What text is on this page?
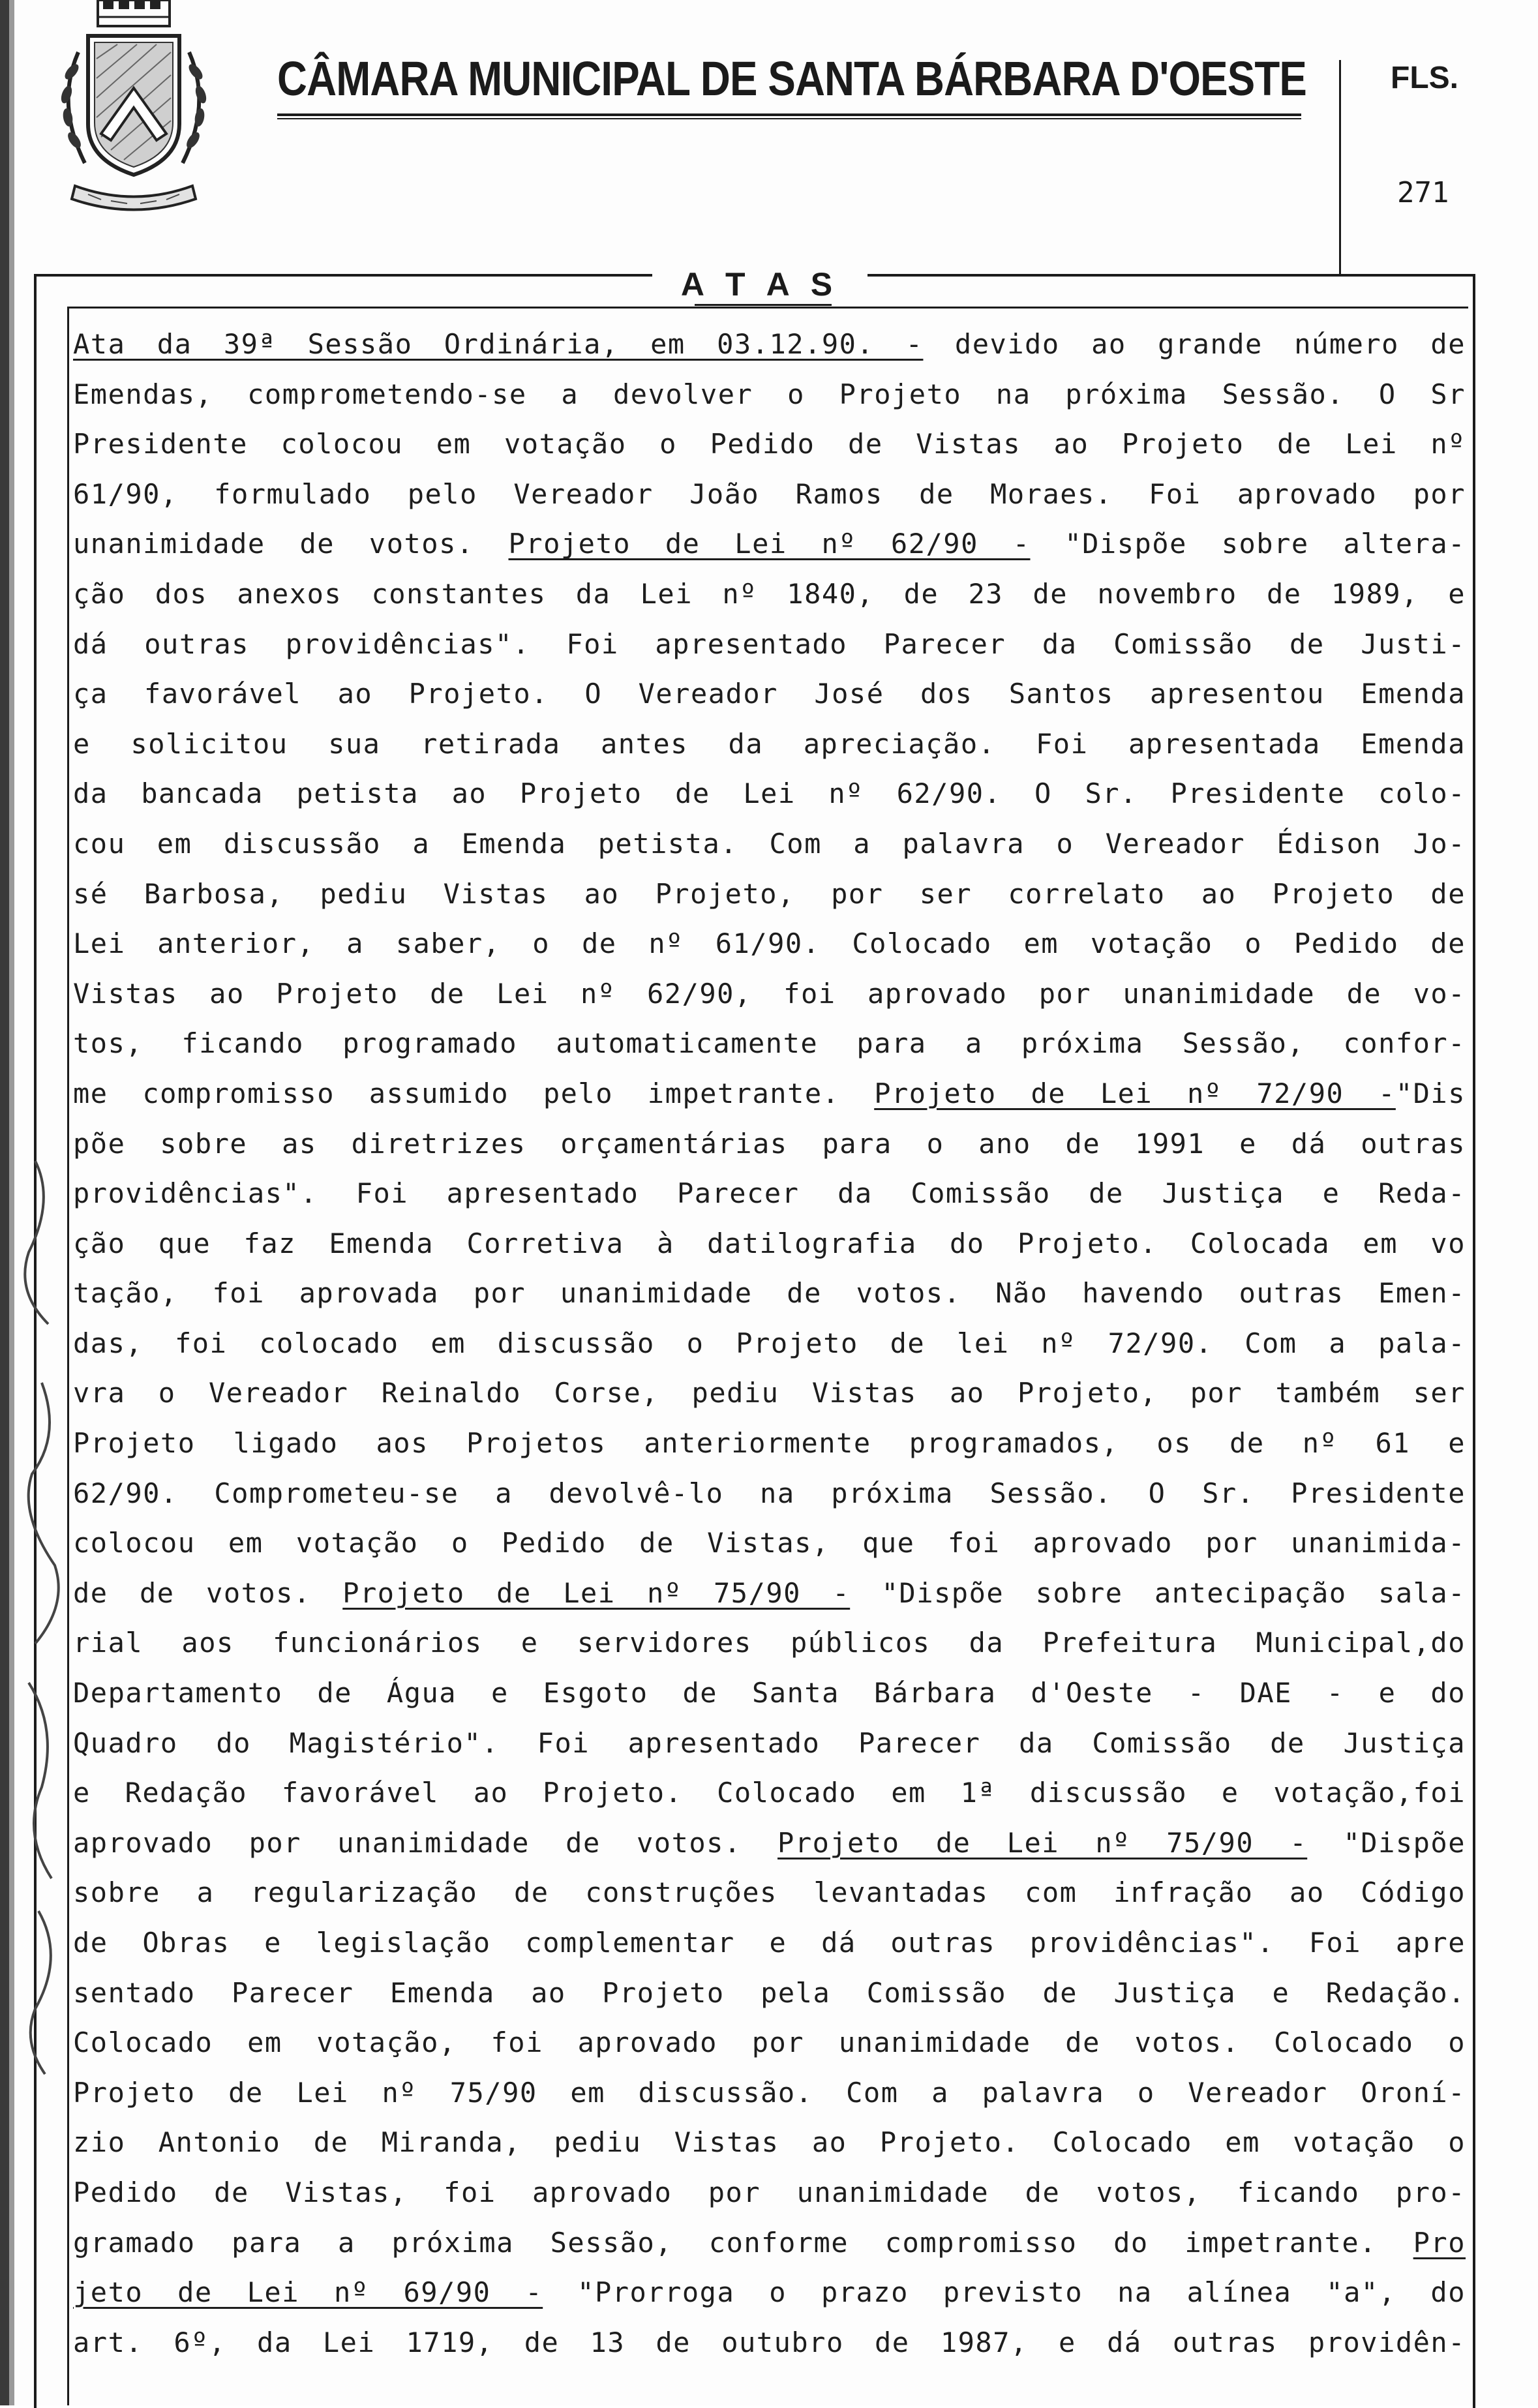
CÂMARA MUNICIPAL DE SANTA BÁRBARA D'OESTE	FLS.
271
A T A S
Ata da 39ª Sessão Ordinária, em 03.12.90. - devido ao grande número de
Emendas, comprometendo-se a devolver o Projeto na próxima Sessão. O Sr
Presidente colocou em votação o Pedido de Vistas ao Projeto de Lei nº
61/90, formulado pelo Vereador João Ramos de Moraes. Foi aprovado por
unanimidade de votos. Projeto de Lei nº 62/90 - "Dispõe sobre altera-
ção dos anexos constantes da Lei nº 1840, de 23 de novembro de 1989, e
dá outras providências". Foi apresentado Parecer da Comissão de Justi-
ça favorável ao Projeto. O Vereador José dos Santos apresentou Emenda
e solicitou sua retirada antes da apreciação. Foi apresentada Emenda
da bancada petista ao Projeto de Lei nº 62/90. O Sr. Presidente colo-
cou em discussão a Emenda petista. Com a palavra o Vereador Édison Jo-
sé Barbosa, pediu Vistas ao Projeto, por ser correlato ao Projeto de
Lei anterior, a saber, o de nº 61/90. Colocado em votação o Pedido de
Vistas ao Projeto de Lei nº 62/90, foi aprovado por unanimidade de vo-
tos, ficando programado automaticamente para a próxima Sessão, confor-
me compromisso assumido pelo impetrante. Projeto de Lei nº 72/90 -"Dis
põe sobre as diretrizes orçamentárias para o ano de 1991 e dá outras
providências". Foi apresentado Parecer da Comissão de Justiça e Reda-
ção que faz Emenda Corretiva à datilografia do Projeto. Colocada em vo
tação, foi aprovada por unanimidade de votos. Não havendo outras Emen-
das, foi colocado em discussão o Projeto de lei nº 72/90. Com a pala-
vra o Vereador Reinaldo Corse, pediu Vistas ao Projeto, por também ser
Projeto ligado aos Projetos anteriormente programados, os de nº 61 e
62/90. Comprometeu-se a devolvê-lo na próxima Sessão. O Sr. Presidente
colocou em votação o Pedido de Vistas, que foi aprovado por unanimida-
de de votos. Projeto de Lei nº 75/90 - "Dispõe sobre antecipação sala-
rial aos funcionários e servidores públicos da Prefeitura Municipal,do
Departamento de Água e Esgoto de Santa Bárbara d'Oeste - DAE - e do
Quadro do Magistério". Foi apresentado Parecer da Comissão de Justiça
e Redação favorável ao Projeto. Colocado em 1ª discussão e votação,foi
aprovado por unanimidade de votos. Projeto de Lei nº 75/90 - "Dispõe
sobre a regularização de construções levantadas com infração ao Código
de Obras e legislação complementar e dá outras providências". Foi apre
sentado Parecer Emenda ao Projeto pela Comissão de Justiça e Redação.
Colocado em votação, foi aprovado por unanimidade de votos. Colocado o
Projeto de Lei nº 75/90 em discussão. Com a palavra o Vereador Oroní-
zio Antonio de Miranda, pediu Vistas ao Projeto. Colocado em votação o
Pedido de Vistas, foi aprovado por unanimidade de votos, ficando pro-
gramado para a próxima Sessão, conforme compromisso do impetrante. Pro
jeto de Lei nº 69/90 - "Prorroga o prazo previsto na alínea "a", do
art. 6º, da Lei 1719, de 13 de outubro de 1987, e dá outras providên-
